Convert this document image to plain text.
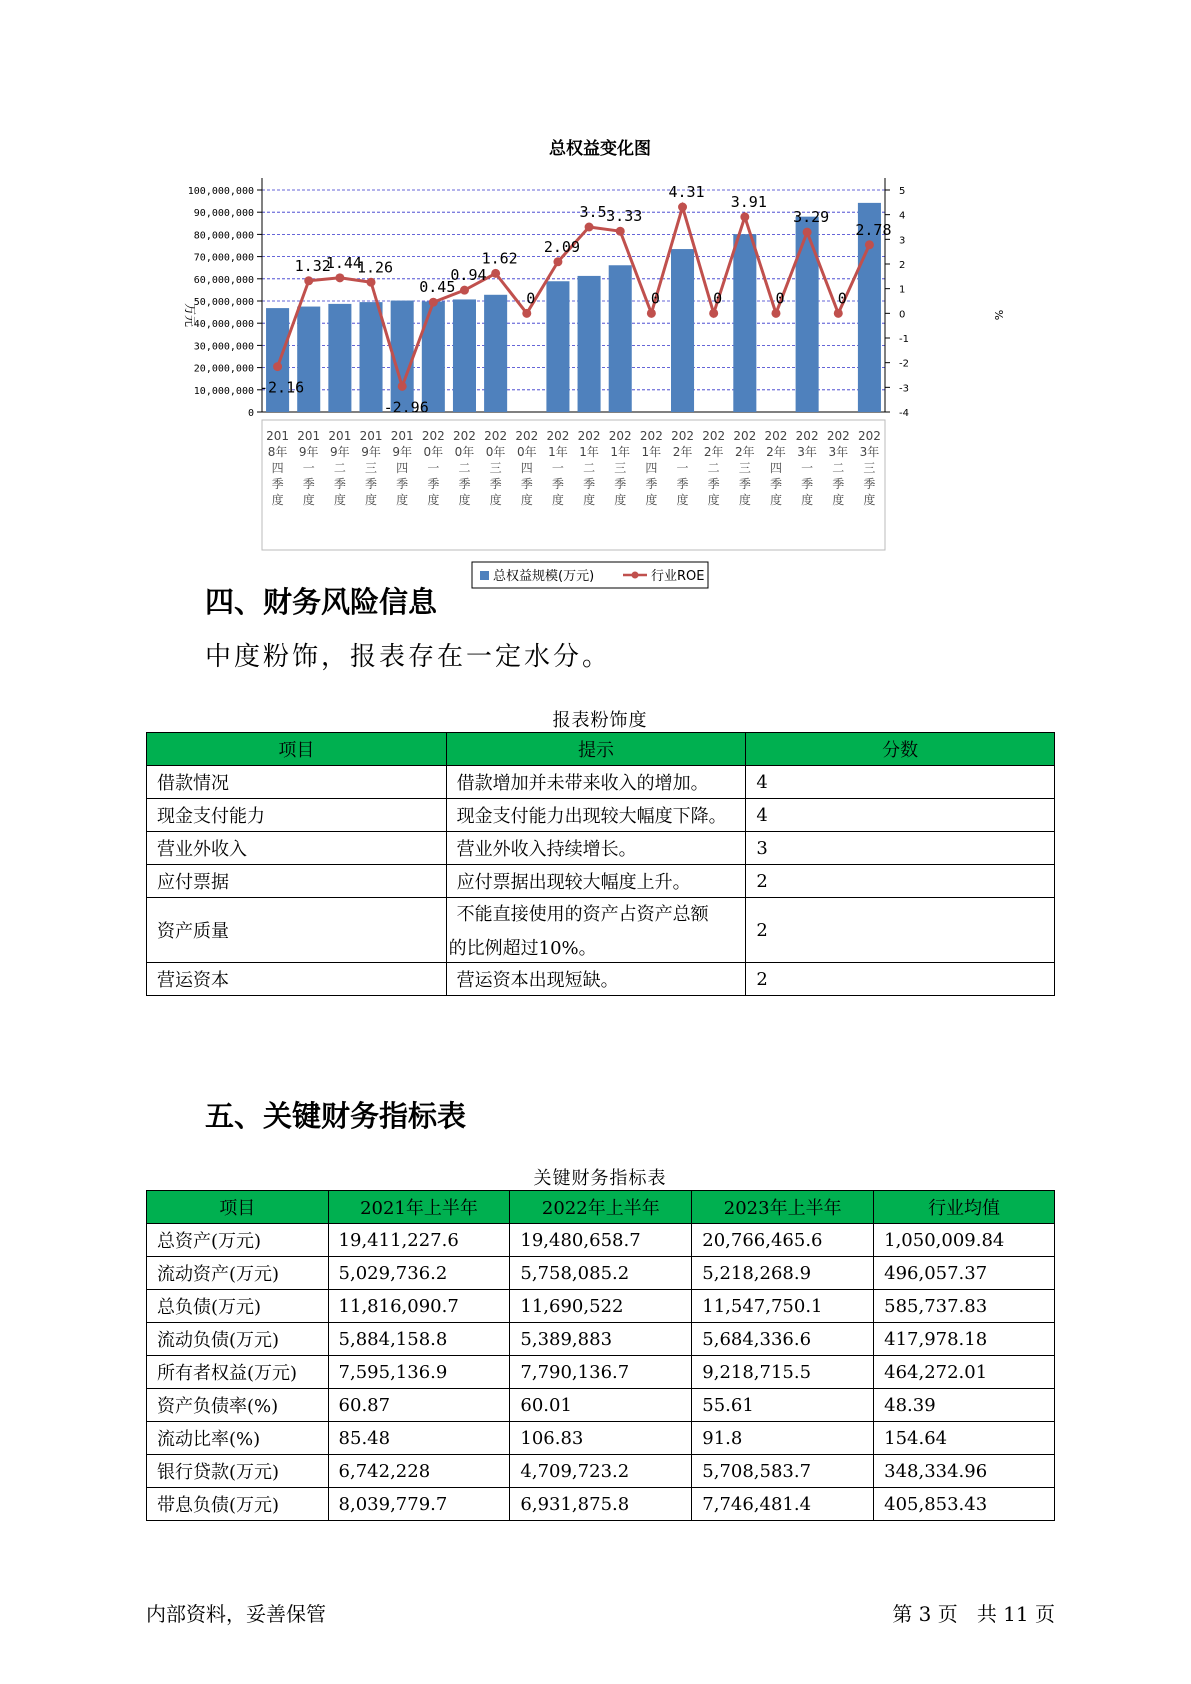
总权益变化图
0
10,000,000
20,000,000
30,000,000
40,000,000
50,000,000
60,000,000
70,000,000
80,000,000
90,000,000
100,000,000
-4
-3
-2
-1
0
1
2
3
4
5
201
8年
四
季
度
201
9年
一
季
度
201
9年
二
季
度
201
9年
三
季
度
201
9年
四
季
度
202
0年
一
季
度
202
0年
二
季
度
202
0年
三
季
度
202
0年
四
季
度
202
1年
一
季
度
202
1年
二
季
度
202
1年
三
季
度
202
1年
四
季
度
202
2年
一
季
度
202
2年
二
季
度
202
2年
三
季
度
202
2年
四
季
度
202
3年
一
季
度
202
3年
二
季
度
202
3年
三
季
度
-2.16
1.32
1.44
1.26
-2.96
0.45
0.94
1.62
0
2.09
3.5 3.33
0
4.31
0
3.91
0
3.29
0
2.78
万元	%
总权益规模(万元)	行业ROE
四、财务风险信息
中度粉饰，报表存在一定水分。
报表粉饰度
项目	提示	分数
借款情况	借款增加并未带来收入的增加。	4
现金支付能力	现金支付能力出现较大幅度下降。	4
营业外收入	营业外收入持续增长。	3
应付票据	应付票据出现较大幅度上升。	2
资产质量	不能直接使用的资产占资产总额
的比例超过10%。	2
营运资本	营运资本出现短缺。	2
五、关键财务指标表
关键财务指标表
项目	2021年上半年	2022年上半年	2023年上半年	行业均值
总资产(万元)	19,411,227.6	19,480,658.7	20,766,465.6	1,050,009.84
流动资产(万元)	5,029,736.2	5,758,085.2	5,218,268.9	496,057.37
总负债(万元)	11,816,090.7	11,690,522	11,547,750.1	585,737.83
流动负债(万元)	5,884,158.8	5,389,883	5,684,336.6	417,978.18
所有者权益(万元)	7,595,136.9	7,790,136.7	9,218,715.5	464,272.01
资产负债率(%)	60.87	60.01	55.61	48.39
流动比率(%)	85.48	106.83	91.8	154.64
银行贷款(万元)	6,742,228	4,709,723.2	5,708,583.7	348,334.96
带息负债(万元)	8,039,779.7	6,931,875.8	7,746,481.4	405,853.43
内部资料，妥善保管	第 3 页   共 11 页
